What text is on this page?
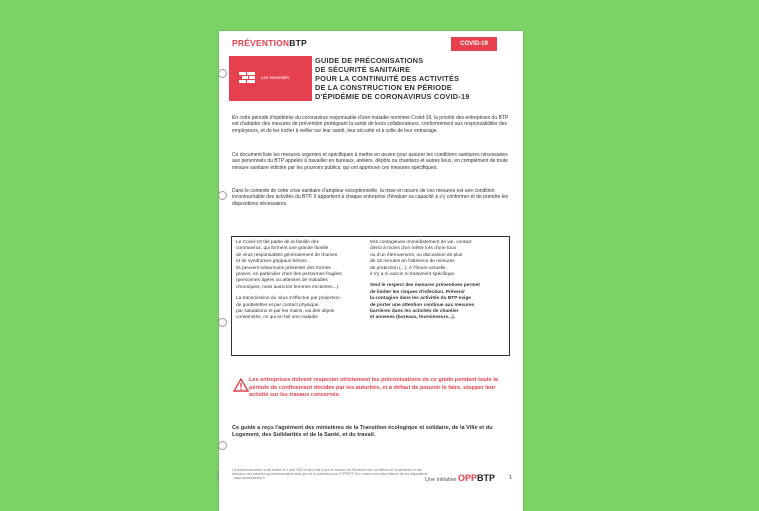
PRÉVENTIONBTP	COVID-19
Les essentiels
GUIDE DE PRÉCONISATIONS
DE SÉCURITÉ SANITAIRE
POUR LA CONTINUITÉ DES ACTIVITÉS
DE LA CONSTRUCTION EN PÉRIODE
D'ÉPIDÉMIE DE CORONAVIRUS COVID-19
En cette période d'épidémie du coronavirus responsable d'une maladie nommée Covid-19, la priorité des entreprises du BTP est d'adopter des mesures de prévention protégeant la santé de leurs collaborateurs, conformément aux responsabilités des employeurs, et de les inciter à veiller sur leur santé, leur sécurité et à celle de leur entourage.
Ce document liste les mesures urgentes et spécifiques à mettre en œuvre pour assurer les conditions sanitaires nécessaires aux personnels du BTP appelés à travailler en bureaux, ateliers, dépôts ou chantiers et autres lieux, en complément de toute mesure sanitaire édictée par les pouvoirs publics, qui ont approuvé ces mesures spécifiques.
Dans le contexte de cette crise sanitaire d'ampleur exceptionnelle, la mise en œuvre de ces mesures est une condition incontournable des activités du BTP. Il appartient à chaque entreprise d'évaluer sa capacité à s'y conformer et de prendre les dispositions nécessaires.
Le Covid-19 fait partie de la famille des
coronavirus, qui forment une grande famille
de virus responsables généralement de rhumes
et de syndromes grippaux bénins.
Ils peuvent néanmoins présenter des formes
graves, en particulier chez des personnes fragiles
(personnes âgées ou atteintes de maladies
chroniques, mais aussi les femmes enceintes...).
La transmission du virus s'effectue par projection
de gouttelettes et par contact physique,
par salutations et par les mains, via des objets
contaminés, ce qui en fait une maladie
très contagieuse immédiatement de vie, contact
direct à moins d'un mètre lors d'une toux
ou d'un éternuement, ou discussion de plus
de 15 minutes en l'absence de mesures
de protection (...). À l'heure actuelle,
il n'y a ni vaccin ni traitement spécifique.
Seul le respect des mesures préventives permet
de limiter les risques d'infection. Prévenir
la contagion dans les activités du BTP exige
de porter une attention continue aux mesures
barrières dans les activités de chantier
et annexes (bureaux, fournisseurs...).
Les entreprises doivent respecter strictement les préconisations de ce guide pendant toute la période de confinement décidée par les autorités, et à défaut de pouvoir le faire, stopper leur activité sur les travaux concernés.
Ce guide a reçu l'agrément des ministères de la Transition écologique et solidaire, de la Ville et du Logement, des Solidarités et de la Santé, et du travail.
Le présent document a été réalisé le 2 avril 2020 et sera mis à jour en fonction de l'évolution des conditions de la pandémie et des décisions des autorités gouvernementales ainsi que de la publication par l'OPPBTP. Son contenu est sous réserve de ses dispositions - www.preventionbtp.fr
03-2020	Une initiative OPPBTP	1
